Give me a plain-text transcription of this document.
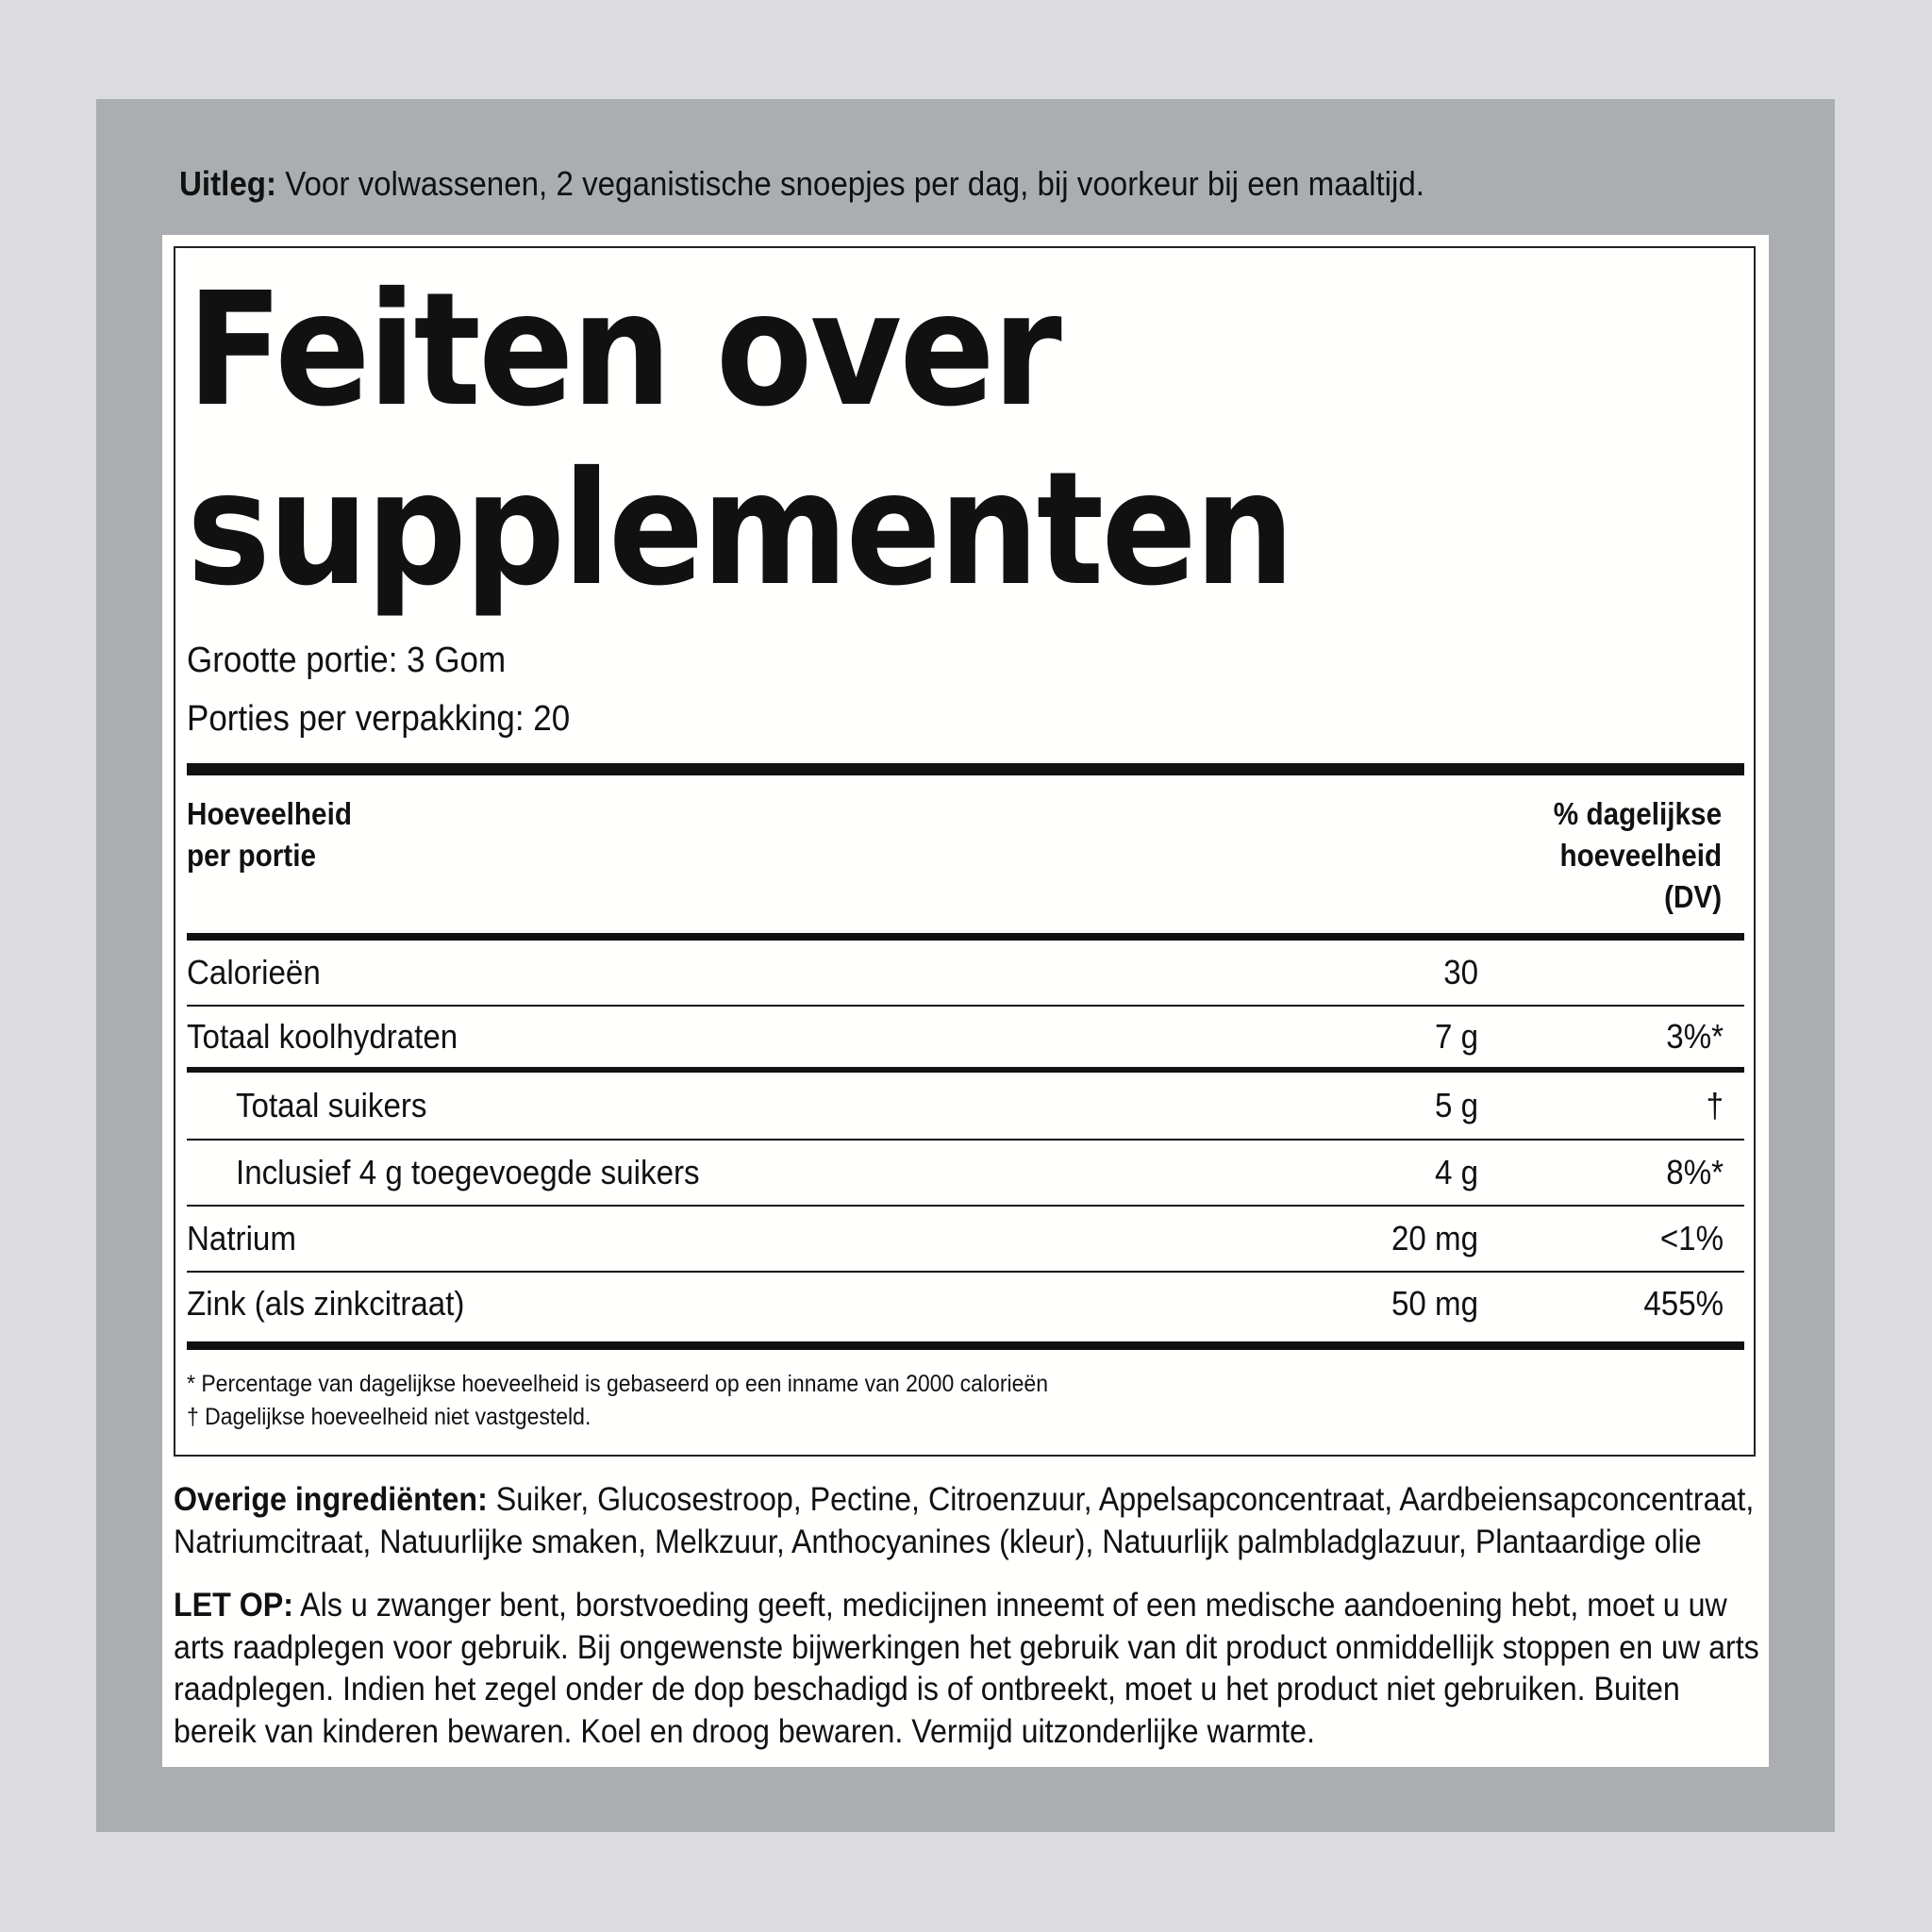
Uitleg: Voor volwassenen, 2 veganistische snoepjes per dag, bij voorkeur bij een maaltijd.
Feiten over
supplementen
Grootte portie: 3 Gom
Porties per verpakking: 20
Hoeveelheid
per portie
% dagelijkse
hoeveelheid
(DV)
Calorieën	30
Totaal koolhydraten	7 g	3%*
Totaal suikers	5 g	†
Inclusief 4 g toegevoegde suikers	4 g	8%*
Natrium	20 mg	<1%
Zink (als zinkcitraat)	50 mg	455%
* Percentage van dagelijkse hoeveelheid is gebaseerd op een inname van 2000 calorieën
† Dagelijkse hoeveelheid niet vastgesteld.
Overige ingrediënten: Suiker, Glucosestroop, Pectine, Citroenzuur, Appelsapconcentraat, Aardbeiensapconcentraat, Natriumcitraat, Natuurlijke smaken, Melkzuur, Anthocyanines (kleur), Natuurlijk palmbladglazuur, Plantaardige olie
LET OP: Als u zwanger bent, borstvoeding geeft, medicijnen inneemt of een medische aandoening hebt, moet u uw arts raadplegen voor gebruik. Bij ongewenste bijwerkingen het gebruik van dit product onmiddellijk stoppen en uw arts raadplegen. Indien het zegel onder de dop beschadigd is of ontbreekt, moet u het product niet gebruiken. Buiten bereik van kinderen bewaren. Koel en droog bewaren. Vermijd uitzonderlijke warmte.
